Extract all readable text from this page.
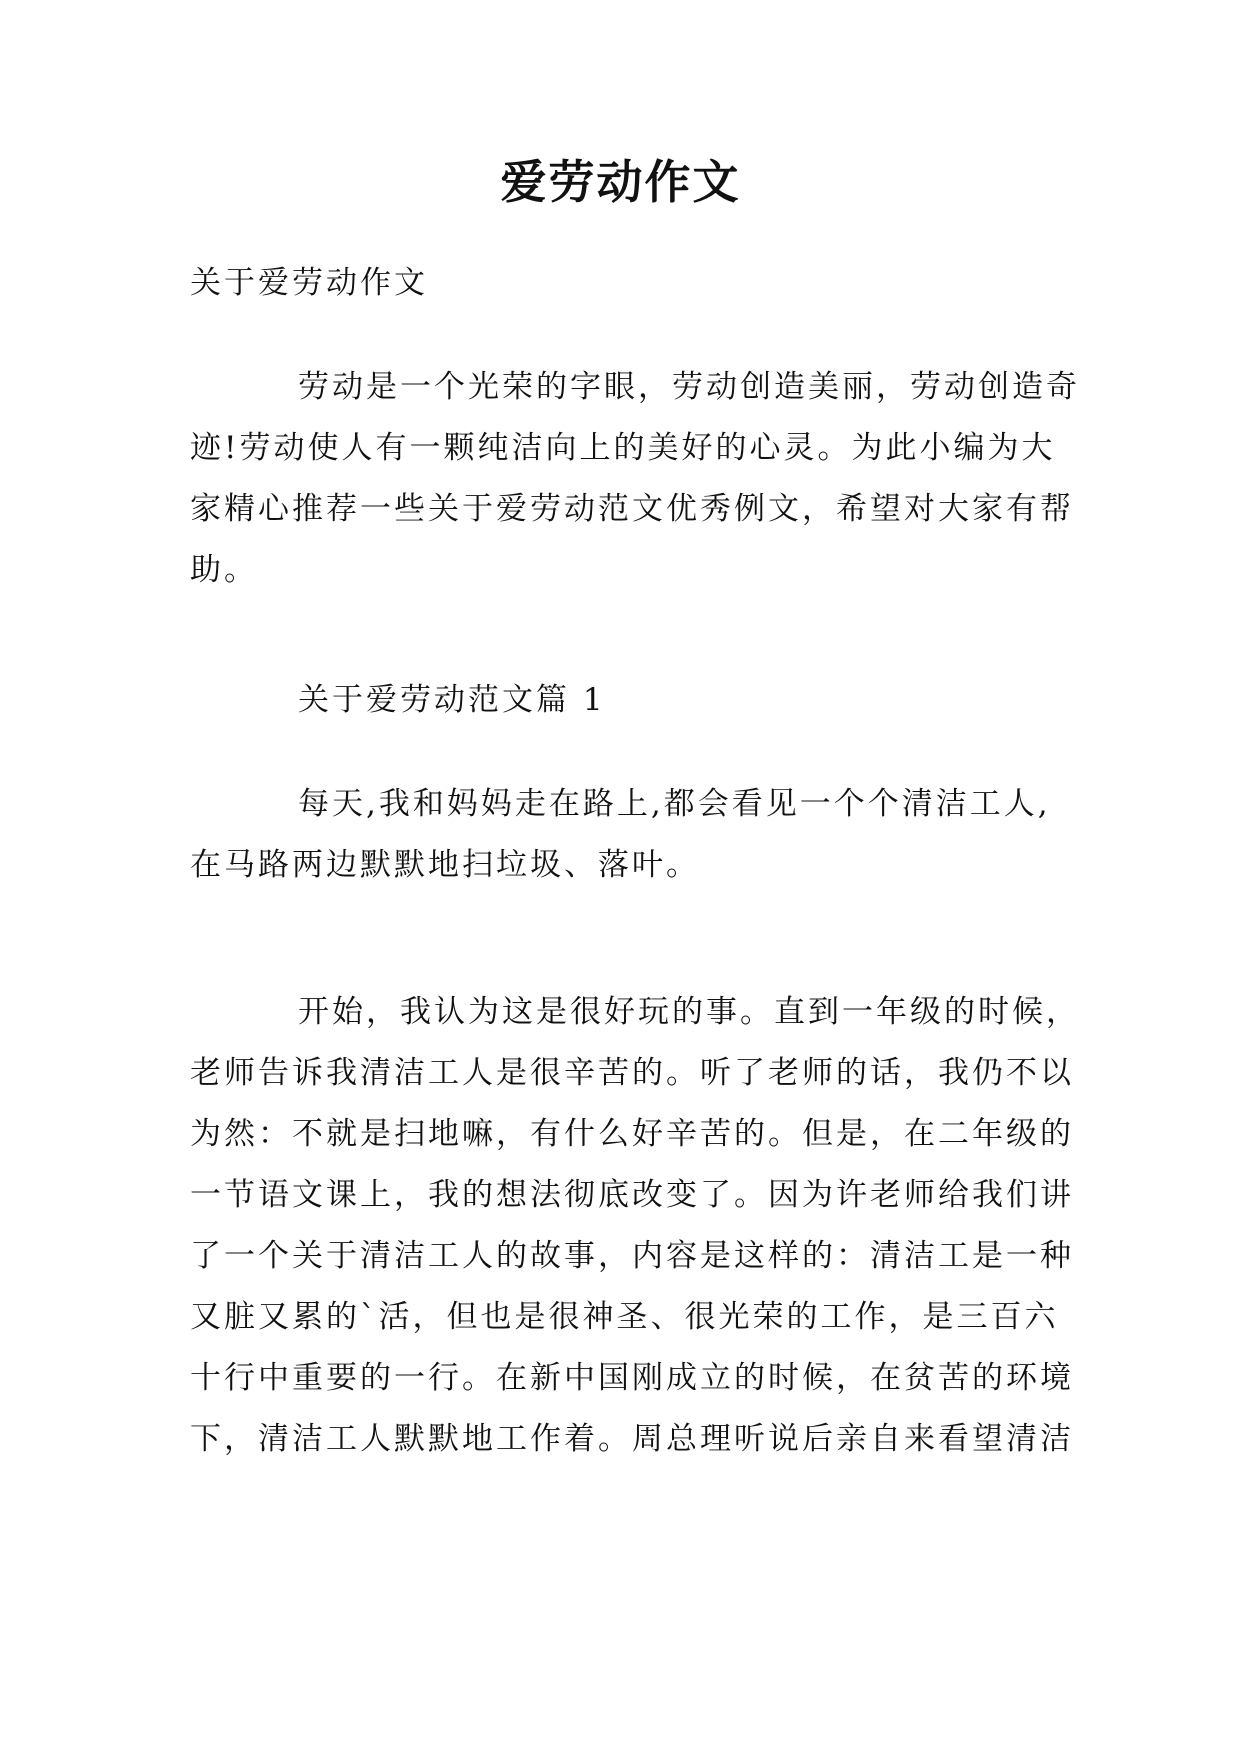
爱劳动作文
关于爱劳动作文
劳动是一个光荣的字眼，劳动创造美丽，劳动创造奇
迹!劳动使人有一颗纯洁向上的美好的心灵。为此小编为大
家精心推荐一些关于爱劳动范文优秀例文，希望对大家有帮
助。
关于爱劳动范文篇 1
每天,我和妈妈走在路上,都会看见一个个清洁工人,
在马路两边默默地扫垃圾、落叶。
开始，我认为这是很好玩的事。直到一年级的时候，
老师告诉我清洁工人是很辛苦的。听了老师的话，我仍不以
为然：不就是扫地嘛，有什么好辛苦的。但是，在二年级的
一节语文课上，我的想法彻底改变了。因为许老师给我们讲
了一个关于清洁工人的故事，内容是这样的：清洁工是一种
又脏又累的`活，但也是很神圣、很光荣的工作，是三百六
十行中重要的一行。在新中国刚成立的时候，在贫苦的环境
下，清洁工人默默地工作着。周总理听说后亲自来看望清洁
